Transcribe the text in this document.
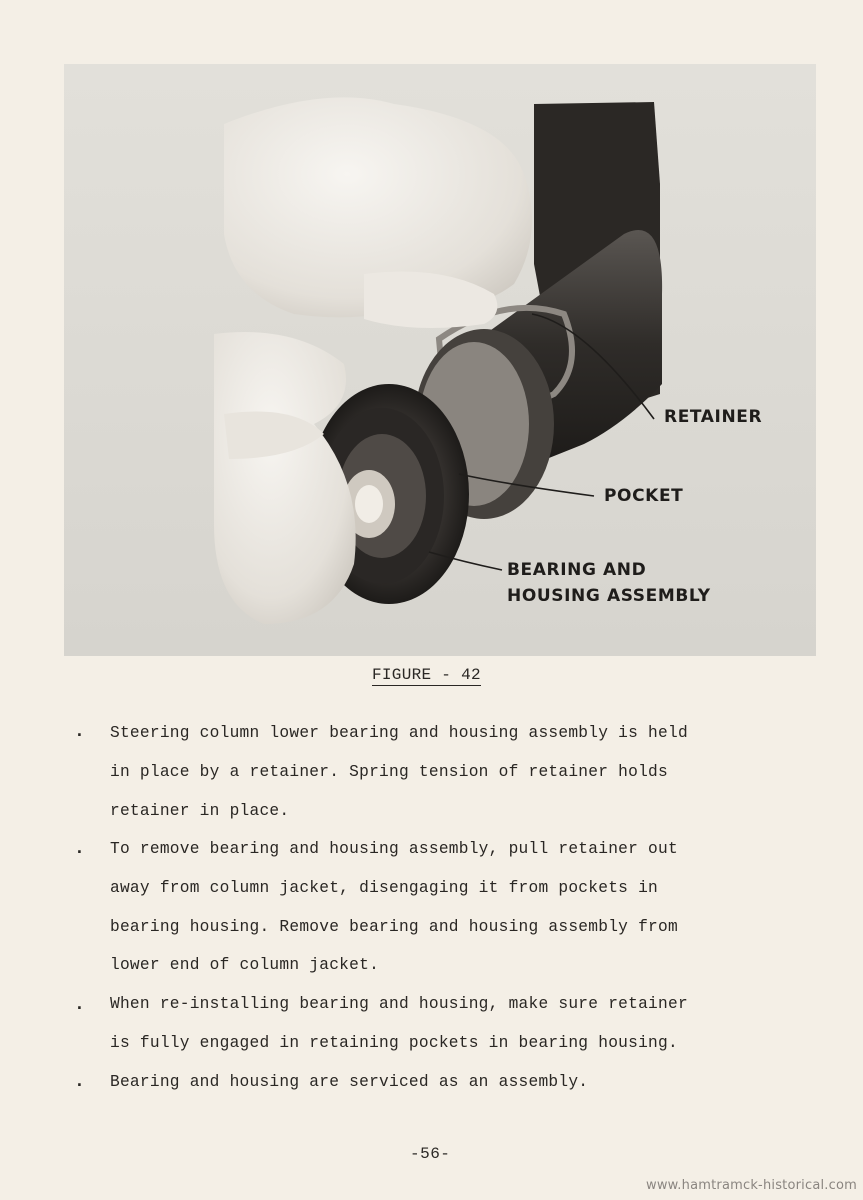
RETAINER
POCKET
BEARING AND
HOUSING ASSEMBLY
FIGURE - 42
. Steering column lower bearing and housing assembly is held
in place by a retainer. Spring tension of retainer holds
retainer in place.
. To remove bearing and housing assembly, pull retainer out
away from column jacket, disengaging it from pockets in
bearing housing. Remove bearing and housing assembly from
lower end of column jacket.
. When re-installing bearing and housing, make sure retainer
is fully engaged in retaining pockets in bearing housing.
. Bearing and housing are serviced as an assembly.
-56-
www.hamtramck-historical.com
